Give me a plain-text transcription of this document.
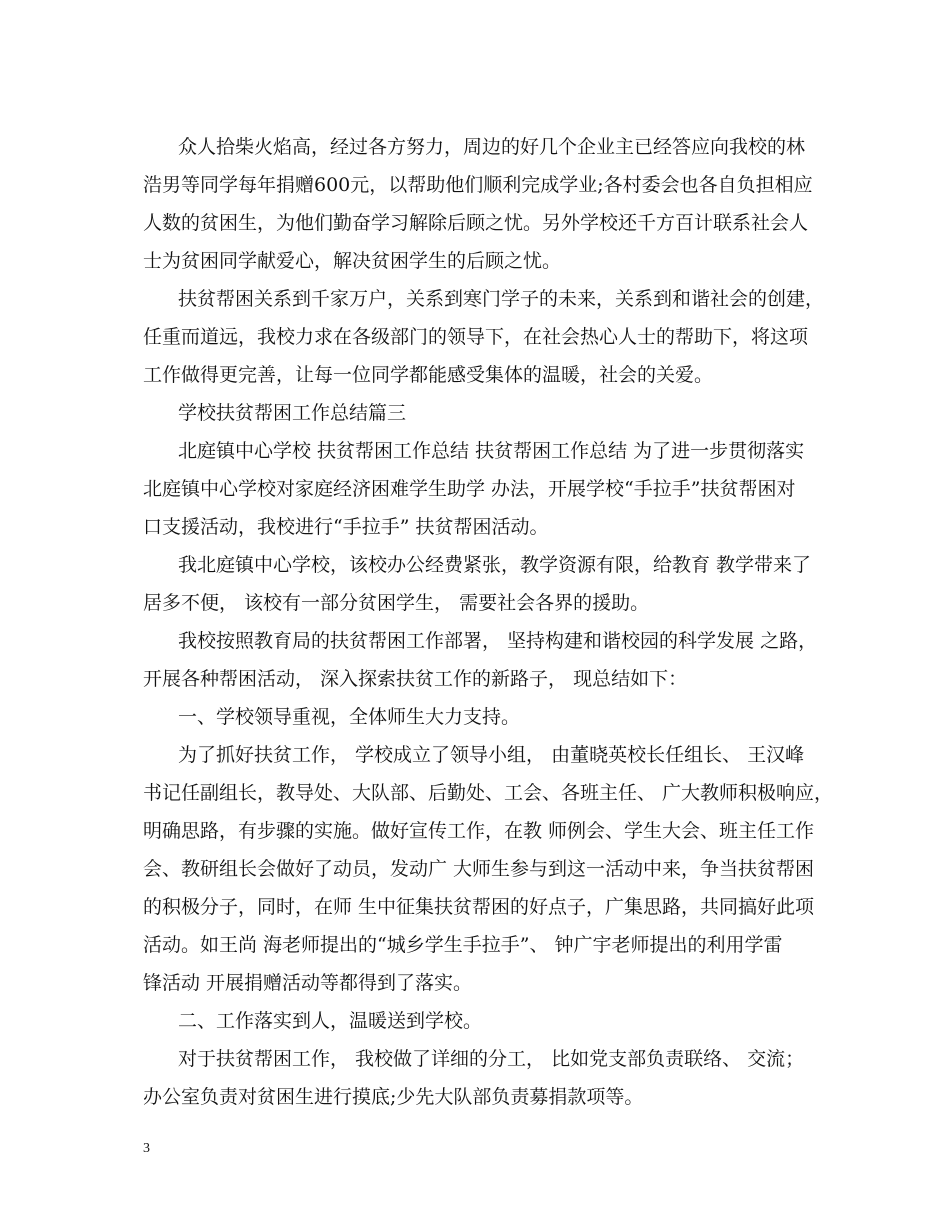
众人拾柴火焰高，经过各方努力，周边的好几个企业主已经答应向我校的林
浩男等同学每年捐赠600元，以帮助他们顺利完成学业;各村委会也各自负担相应
人数的贫困生，为他们勤奋学习解除后顾之忧。另外学校还千方百计联系社会人
士为贫困同学献爱心，解决贫困学生的后顾之忧。
扶贫帮困关系到千家万户，关系到寒门学子的未来，关系到和谐社会的创建，
任重而道远，我校力求在各级部门的领导下，在社会热心人士的帮助下，将这项
工作做得更完善，让每一位同学都能感受集体的温暖，社会的关爱。
学校扶贫帮困工作总结篇三
北庭镇中心学校 扶贫帮困工作总结 扶贫帮困工作总结 为了进一步贯彻落实
北庭镇中心学校对家庭经济困难学生助学 办法，开展学校“手拉手”扶贫帮困对
口支援活动，我校进行“手拉手” 扶贫帮困活动。
我北庭镇中心学校，该校办公经费紧张，教学资源有限，给教育 教学带来了
居多不便， 该校有一部分贫困学生， 需要社会各界的援助。
我校按照教育局的扶贫帮困工作部署， 坚持构建和谐校园的科学发展 之路，
开展各种帮困活动， 深入探索扶贫工作的新路子， 现总结如下：
一、学校领导重视，全体师生大力支持。
为了抓好扶贫工作， 学校成立了领导小组， 由董晓英校长任组长、 王汉峰
书记任副组长，教导处、大队部、后勤处、工会、各班主任、 广大教师积极响应，
明确思路，有步骤的实施。做好宣传工作，在教 师例会、学生大会、班主任工作
会、教研组长会做好了动员，发动广 大师生参与到这一活动中来，争当扶贫帮困
的积极分子，同时，在师 生中征集扶贫帮困的好点子，广集思路，共同搞好此项
活动。如王尚 海老师提出的“城乡学生手拉手”、 钟广宇老师提出的利用学雷
锋活动 开展捐赠活动等都得到了落实。
二、工作落实到人，温暖送到学校。
对于扶贫帮困工作， 我校做了详细的分工， 比如党支部负责联络、 交流；
办公室负责对贫困生进行摸底;少先大队部负责募捐款项等。
3
